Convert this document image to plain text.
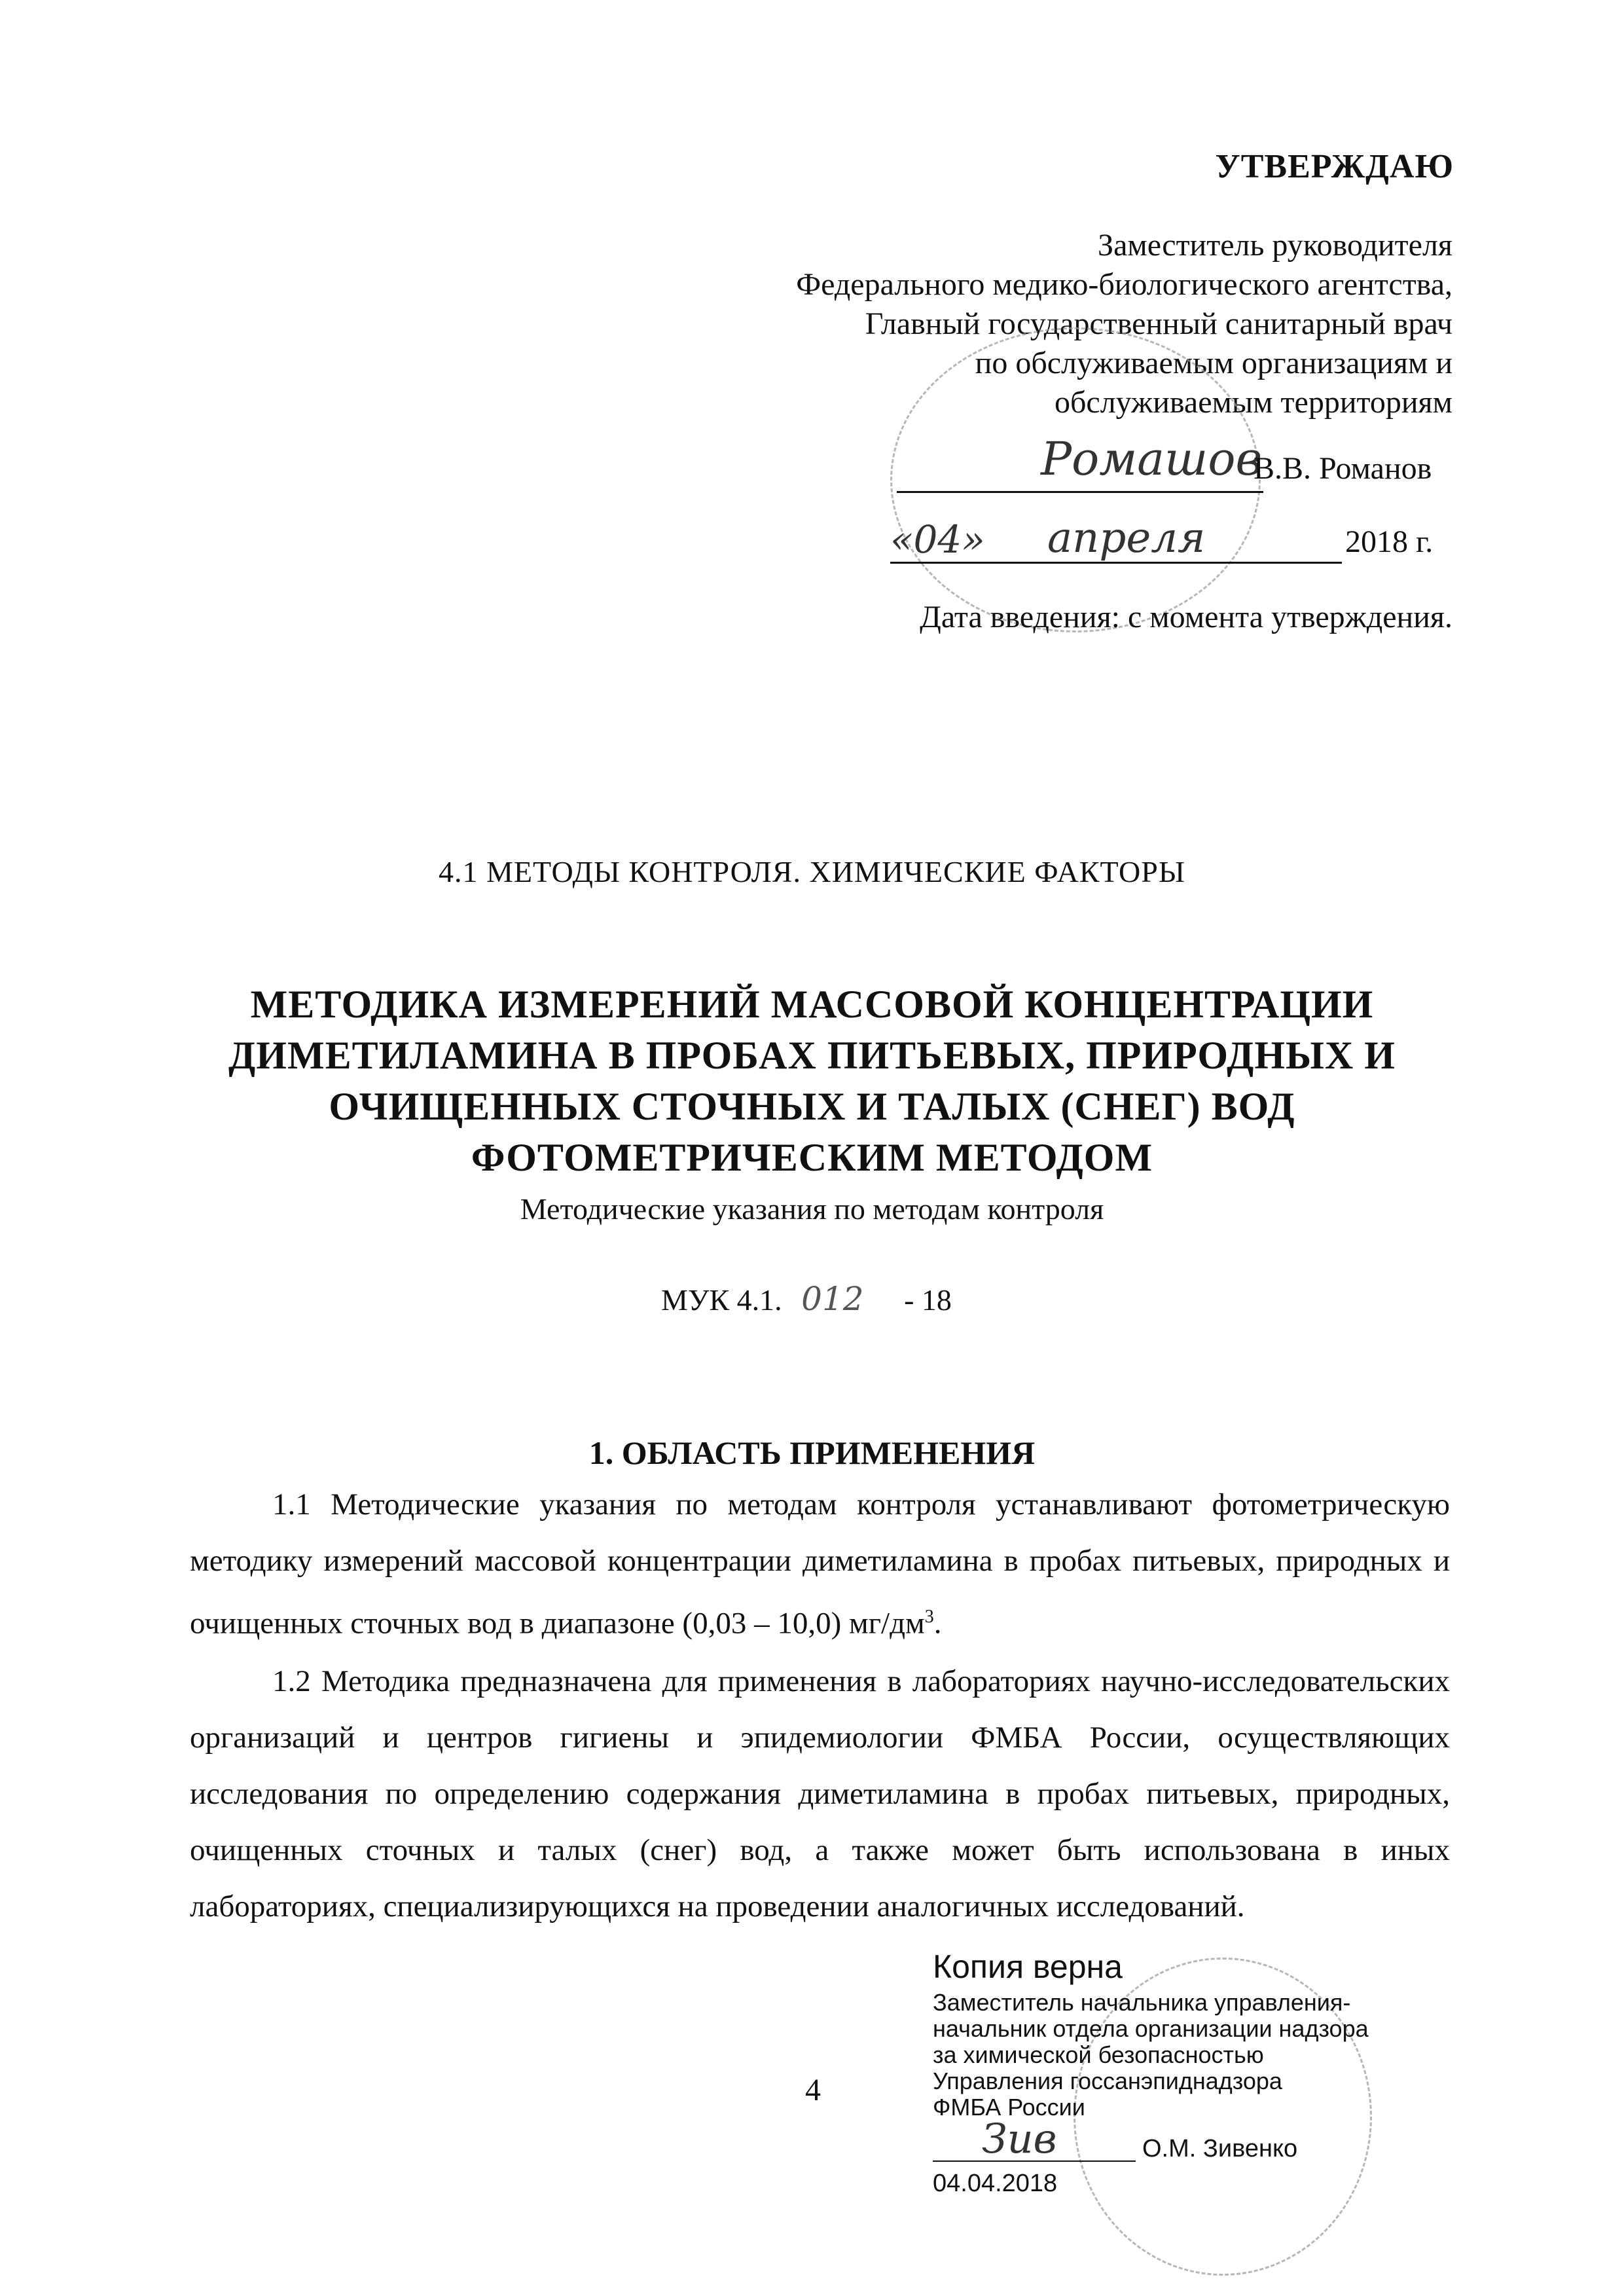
УТВЕРЖДАЮ
Заместитель руководителя
Федерального медико-биологического агентства,
Главный государственный санитарный врач
по обслуживаемым организациям и
обслуживаемым территориям
Ромашов
В.В. Романов
«04» апреля	2018 г.
Дата введения: с момента утверждения.
4.1 МЕТОДЫ КОНТРОЛЯ. ХИМИЧЕСКИЕ ФАКТОРЫ
МЕТОДИКА ИЗМЕРЕНИЙ МАССОВОЙ КОНЦЕНТРАЦИИ
ДИМЕТИЛАМИНА В ПРОБАХ ПИТЬЕВЫХ, ПРИРОДНЫХ И
ОЧИЩЕННЫХ СТОЧНЫХ И ТАЛЫХ (СНЕГ) ВОД
ФОТОМЕТРИЧЕСКИМ МЕТОДОМ
Методические указания по методам контроля
МУК 4.1. 012 - 18
1. ОБЛАСТЬ ПРИМЕНЕНИЯ
1.1 Методические указания по методам контроля устанавливают фотометрическую методику измерений массовой концентрации диметиламина в пробах питьевых, природных и очищенных сточных вод в диапазоне (0,03 – 10,0) $мг/дм^3$.
1.2 Методика предназначена для применения в лабораториях научно-исследовательских организаций и центров гигиены и эпидемиологии ФМБА России, осуществляющих исследования по определению содержания диметиламина в пробах питьевых, природных, очищенных сточных и талых (снег) вод, а также может быть использована в иных лабораториях, специализирующихся на проведении аналогичных исследований.
Копия верна
Заместитель начальника управления-
начальник отдела организации надзора
за химической безопасностью
Управления госсанэпиднадзора
ФМБА России
Зив	О.М. Зивенко
04.04.2018
4
